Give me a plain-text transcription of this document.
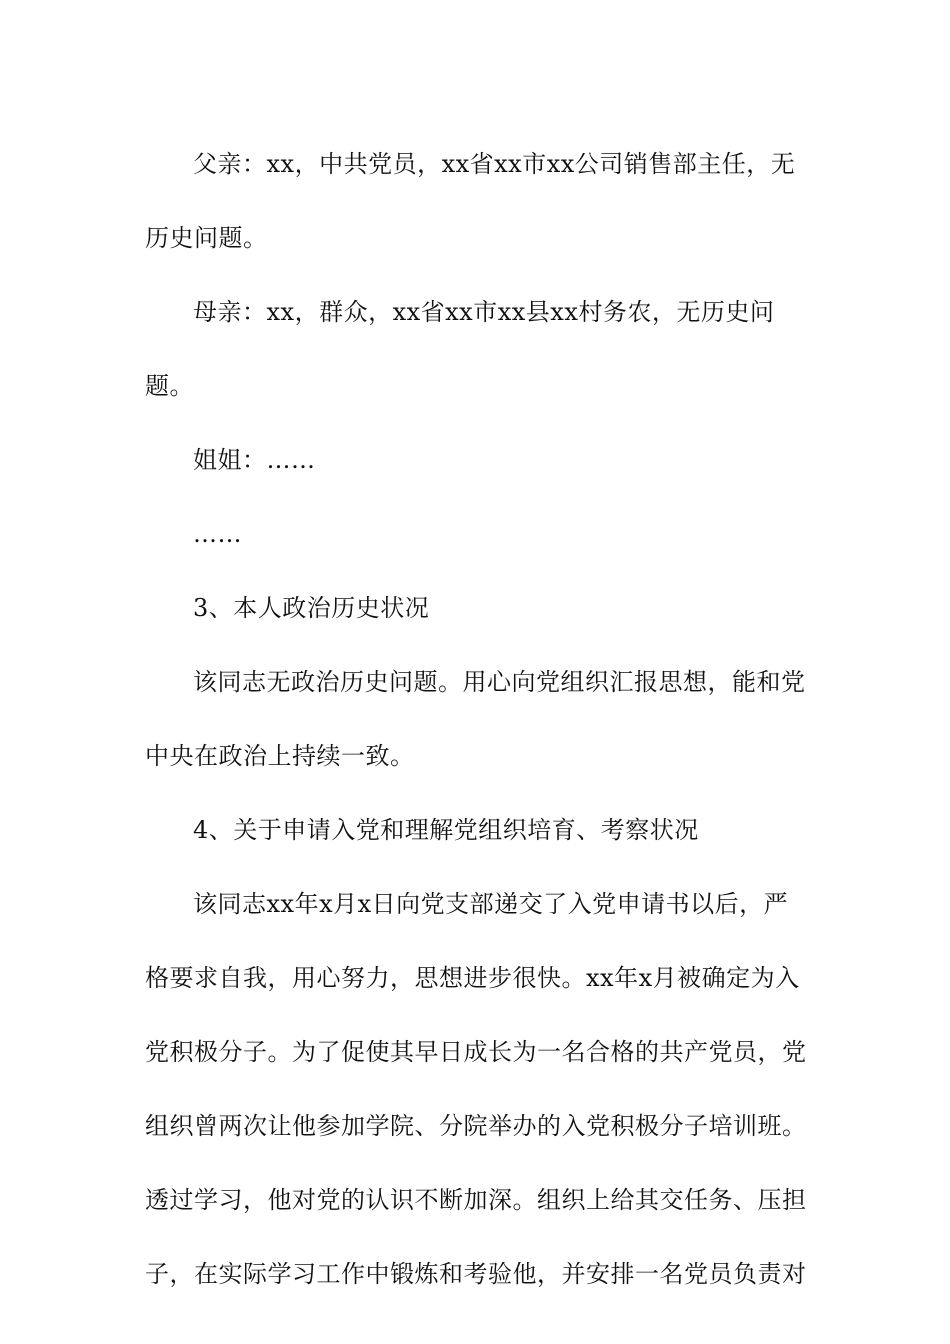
父亲：xx，中共党员，xx省xx市xx公司销售部主任，无历史问题。

母亲：xx，群众，xx省xx市xx县xx村务农，无历史问题。

姐姐：……

……

3、本人政治历史状况

该同志无政治历史问题。用心向党组织汇报思想，能和党中央在政治上持续一致。

4、关于申请入党和理解党组织培育、考察状况

该同志xx年x月x日向党支部递交了入党申请书以后，严格要求自我，用心努力，思想进步很快。xx年x月被确定为入党积极分子。为了促使其早日成长为一名合格的共产党员，党组织曾两次让他参加学院、分院举办的入党积极分子培训班。透过学习，他对党的认识不断加深。组织上给其交任务、压担子，在实际学习工作中锻炼和考验他，并安排一名党员负责对
